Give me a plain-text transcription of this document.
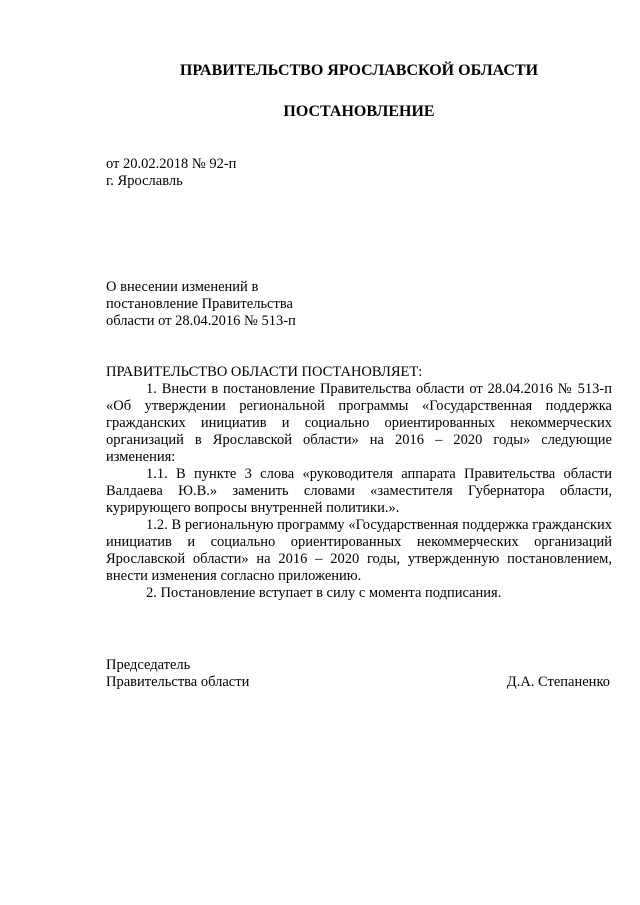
ПРАВИТЕЛЬСТВО ЯРОСЛАВСКОЙ ОБЛАСТИ
ПОСТАНОВЛЕНИЕ
от 20.02.2018 № 92-п
г. Ярославль
О внесении изменений в
постановление Правительства
области от 28.04.2016 № 513-п

ПРАВИТЕЛЬСТВО ОБЛАСТИ ПОСТАНОВЛЯЕТ:

1. Внести в постановление Правительства области от 28.04.2016 № 513-п «Об утверждении региональной программы «Государственная поддержка гражданских инициатив и социально ориентированных некоммерческих организаций в Ярославской области» на 2016 – 2020 годы» следующие изменения:

1.1. В пункте 3 слова «руководителя аппарата Правительства области Валдаева Ю.В.» заменить словами «заместителя Губернатора области, курирующего вопросы внутренней политики.».

1.2. В региональную программу «Государственная поддержка гражданских инициатив и социально ориентированных некоммерческих организаций Ярославской области» на 2016 – 2020 годы, утвержденную постановлением, внести изменения согласно приложению.

2. Постановление вступает в силу с момента подписания.

Председатель
Правительства области	Д.А. Степаненко
